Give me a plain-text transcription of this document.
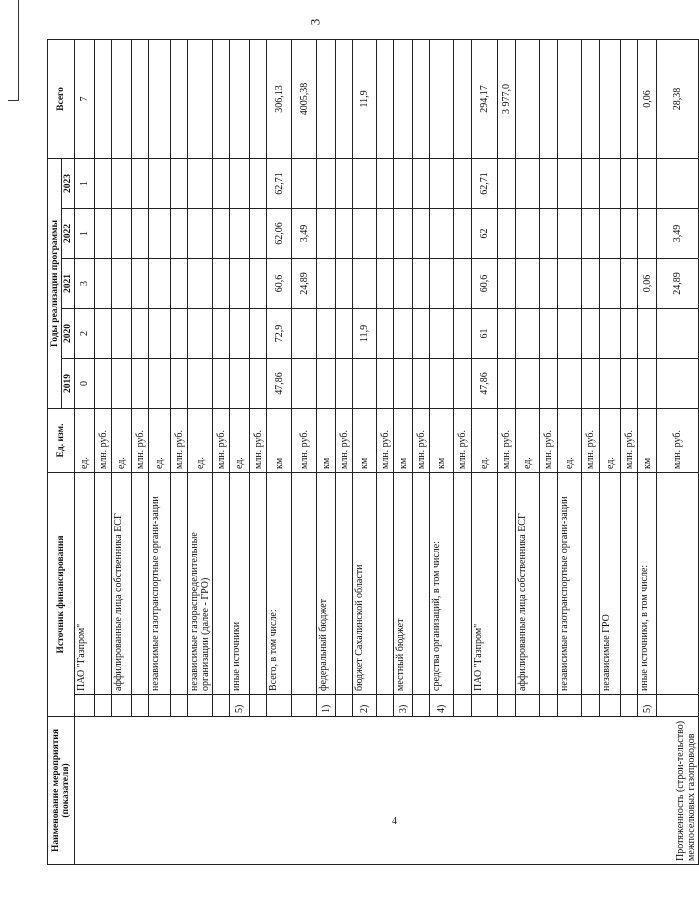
3
Наименование мероприятия (показателя)	Источник финансирования		Ед. изм.	Годы реализации программы					Всего
				2019	2020	2021	2022	2023	
Протяженность (строи-тельство) межпоселковых газопроводов		ПАО "Газпром"	ед.	0	2	3	1	1	7
			млн. руб.						
		аффилированные лица собственника ЕСГ	ед.						
			млн. руб.						
		независимые газотранспортные органи-зации	ед.						
			млн. руб.						
		независимые газораспределительные организации (далее - ГРО)	ед.						
			млн. руб.						
	5)	иные источники	ед.						
			млн. руб.						
		Всего, в том числе:	км	47,86	72,9	60,6	62,06	62,71	306,13
			млн. руб.			24,89	3,49		4005,38
	1)	федеральный бюджет	км						
			млн. руб.						
	2)	бюджет Сахалинской области	км		11,9				11,9
			млн. руб.						
	3)	местный бюджет	км						
			млн. руб.						
	4)	средства организаций, в том числе:	км						
			млн. руб.						
		ПАО "Газпром"	ед.	47,86	61	60,6	62	62,71	294,17
			млн. руб.						3 977,0
		аффилированные лица собственника ЕСГ	ед.						
			млн. руб.						
		независимые газотранспортные органи-зации	ед.						
			млн. руб.						
		независимые ГРО	ед.						
			млн. руб.						
	5)	иные источники, в том числе:	км			0,06			0,06
			млн. руб.			24,89	3,49		28,38
4
